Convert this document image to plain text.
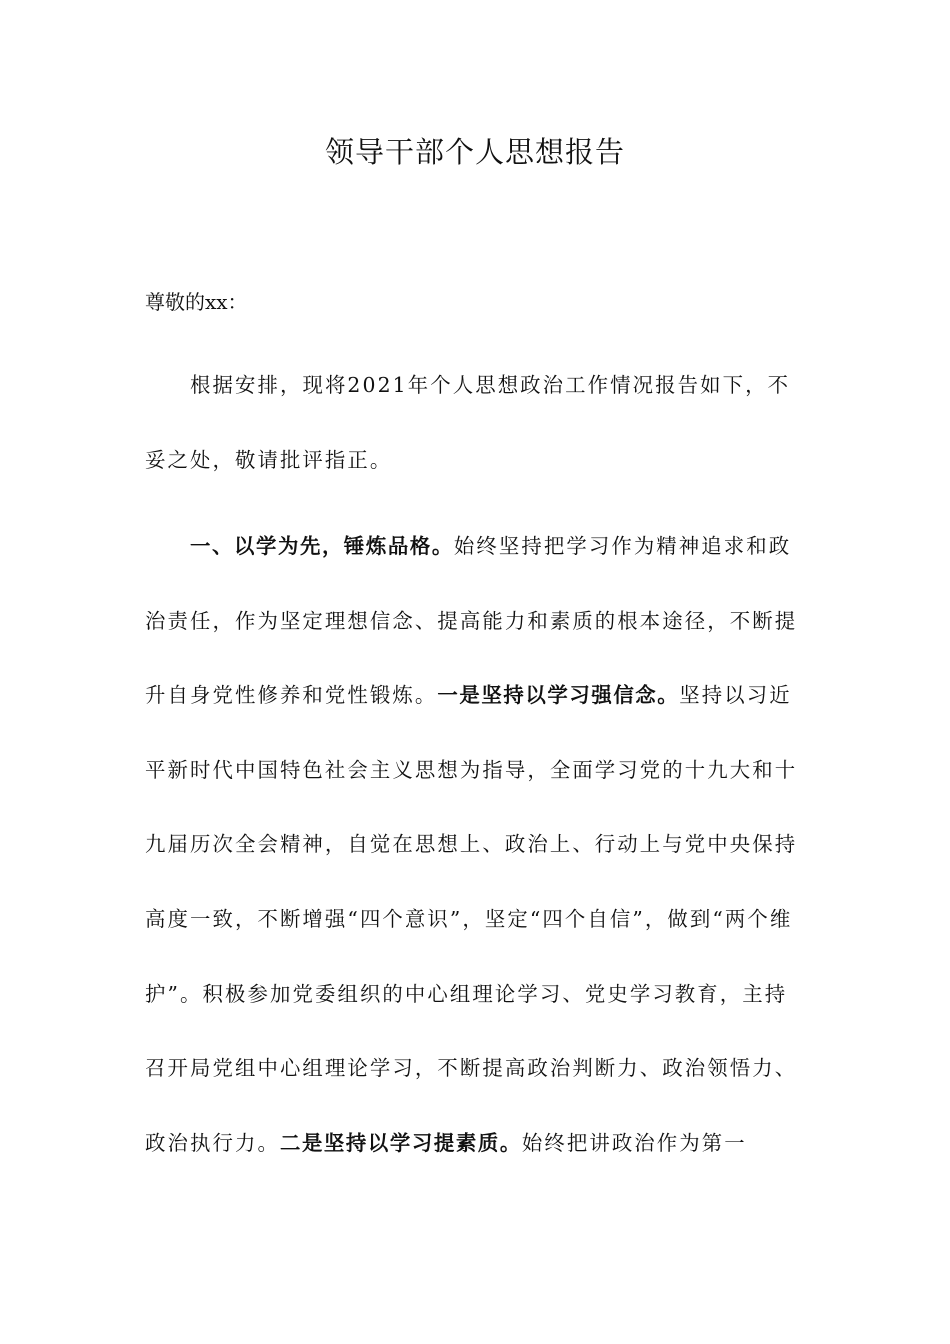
领导干部个人思想报告

尊敬的xx：

根据安排，现将2021年个人思想政治工作情况报告如下，不妥之处，敬请批评指正。

一、以学为先，锤炼品格。始终坚持把学习作为精神追求和政治责任，作为坚定理想信念、提高能力和素质的根本途径，不断提升自身党性修养和党性锻炼。一是坚持以学习强信念。坚持以习近平新时代中国特色社会主义思想为指导，全面学习党的十九大和十九届历次全会精神，自觉在思想上、政治上、行动上与党中央保持高度一致，不断增强“四个意识”，坚定“四个自信”，做到“两个维护”。积极参加党委组织的中心组理论学习、党史学习教育，主持召开局党组中心组理论学习，不断提高政治判断力、政治领悟力、政治执行力。二是坚持以学习提素质。始终把讲政治作为第一
